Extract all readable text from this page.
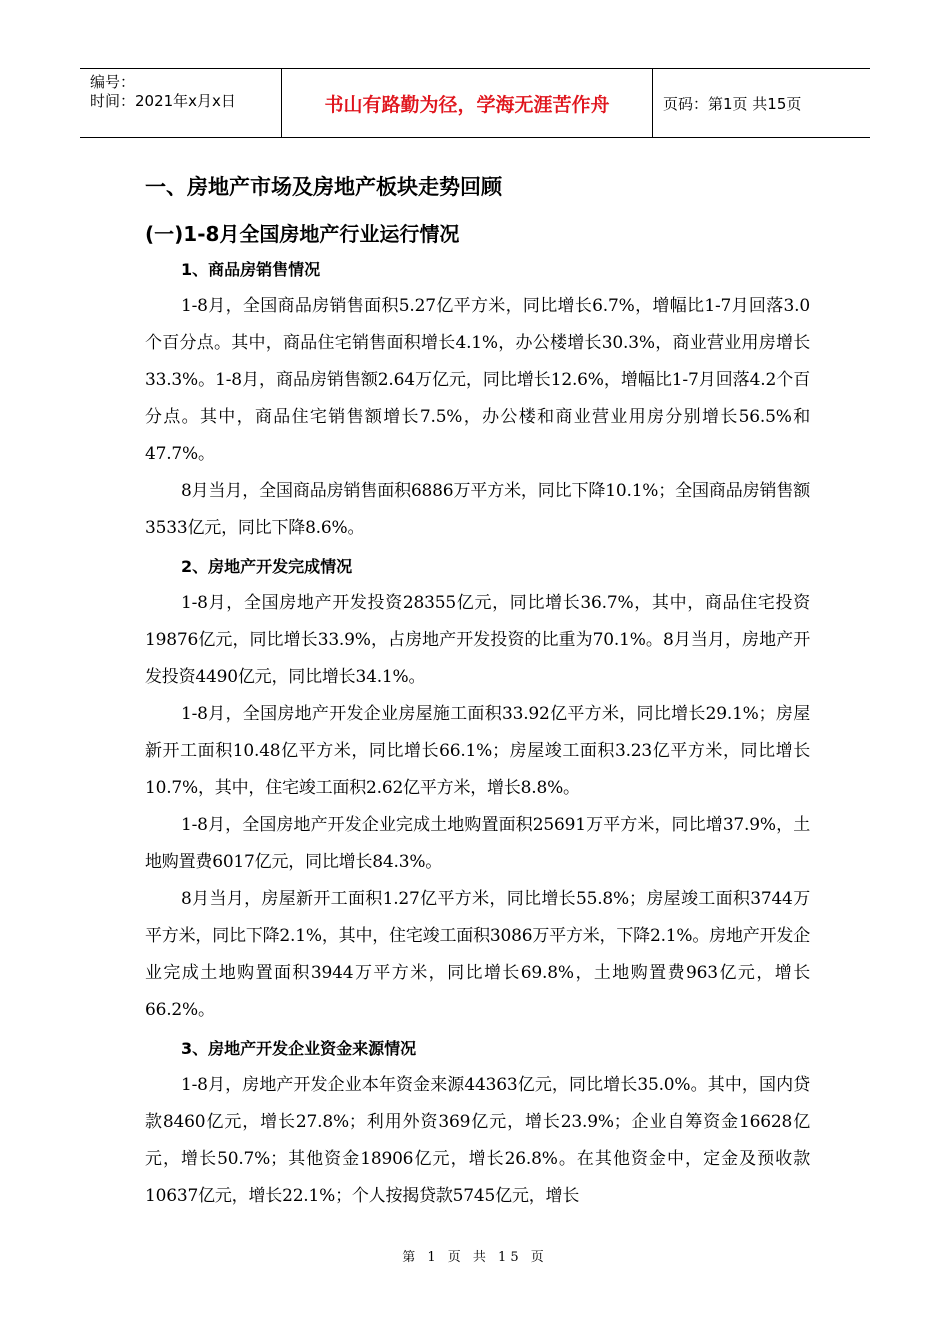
编号：
时间：2021年x月x日	书山有路勤为径，学海无涯苦作舟	页码：第1页 共15页
一、房地产市场及房地产板块走势回顾
(一)1-8月全国房地产行业运行情况
1、商品房销售情况

1-8月，全国商品房销售面积5.27亿平方米，同比增长6.7%，增幅比1-7月回落3.0个百分点。其中，商品住宅销售面积增长4.1%，办公楼增长30.3%，商业营业用房增长33.3%。1-8月，商品房销售额2.64万亿元，同比增长12.6%，增幅比1-7月回落4.2个百分点。其中，商品住宅销售额增长7.5%，办公楼和商业营业用房分别增长56.5%和47.7%。

8月当月，全国商品房销售面积6886万平方米，同比下降10.1%；全国商品房销售额3533亿元，同比下降8.6%。

2、房地产开发完成情况

1-8月，全国房地产开发投资28355亿元，同比增长36.7%，其中，商品住宅投资19876亿元，同比增长33.9%，占房地产开发投资的比重为70.1%。8月当月，房地产开发投资4490亿元，同比增长34.1%。

1-8月，全国房地产开发企业房屋施工面积33.92亿平方米，同比增长29.1%；房屋新开工面积10.48亿平方米，同比增长66.1%；房屋竣工面积3.23亿平方米，同比增长10.7%，其中，住宅竣工面积2.62亿平方米，增长8.8%。

1-8月，全国房地产开发企业完成土地购置面积25691万平方米，同比增37.9%，土地购置费6017亿元，同比增长84.3%。

8月当月，房屋新开工面积1.27亿平方米，同比增长55.8%；房屋竣工面积3744万平方米，同比下降2.1%，其中，住宅竣工面积3086万平方米，下降2.1%。房地产开发企业完成土地购置面积3944万平方米，同比增长69.8%，土地购置费963亿元，增长66.2%。

3、房地产开发企业资金来源情况

1-8月，房地产开发企业本年资金来源44363亿元，同比增长35.0%。其中，国内贷款8460亿元，增长27.8%；利用外资369亿元，增长23.9%；企业自筹资金16628亿元，增长50.7%；其他资金18906亿元，增长26.8%。在其他资金中，定金及预收款10637亿元，增长22.1%；个人按揭贷款5745亿元，增长

第 1 页 共 15 页
